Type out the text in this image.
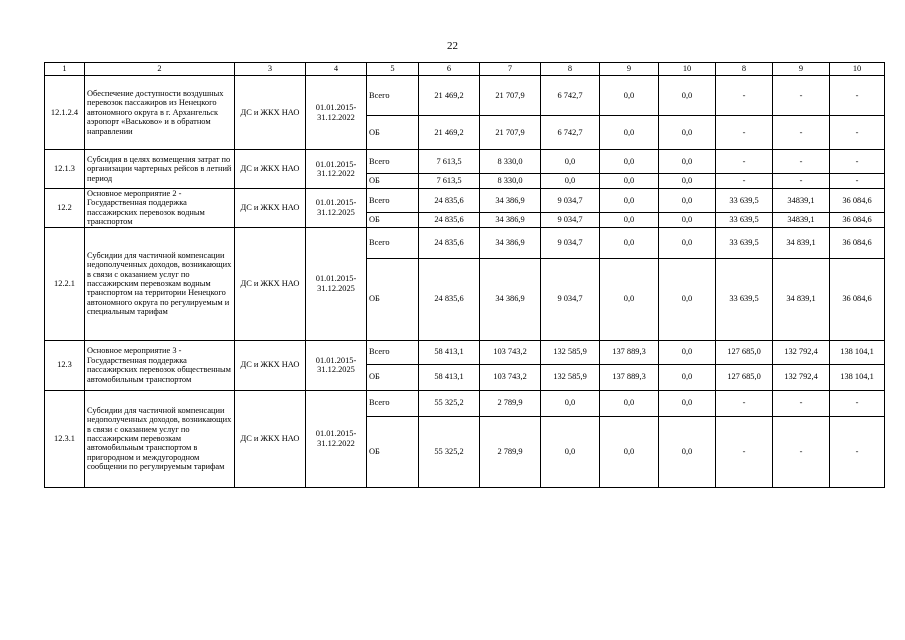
22
1	2	3	4	5	6	7	8	9	10	8	9	10
12.1.2.4	Обеспечение доступности воздушных перевозок пассажиров из Ненецкого автономного округа в г. Архангельск аэропорт «Васьково» и в обратном направлении	ДС и ЖКХ НАО	01.01.2015-31.12.2022	Всего	21 469,2	21 707,9	6 742,7	0,0	0,0	-	-	-
				ОБ	21 469,2	21 707,9	6 742,7	0,0	0,0	-	-	-
12.1.3	Субсидия в целях возмещения затрат по организации чартерных рейсов в летний период	ДС и ЖКХ НАО	01.01.2015-31.12.2022	Всего	7 613,5	8 330,0	0,0	0,0	0,0	-	-	-
				ОБ	7 613,5	8 330,0	0,0	0,0	0,0	-	-	-
12.2	Основное мероприятие 2 - Государственная поддержка пассажирских перевозок водным транспортом	ДС и ЖКХ НАО	01.01.2015-31.12.2025	Всего	24 835,6	34 386,9	9 034,7	0,0	0,0	33 639,5	34839,1	36 084,6
				ОБ	24 835,6	34 386,9	9 034,7	0,0	0,0	33 639,5	34839,1	36 084,6
12.2.1	Субсидии для частичной компенсации недополученных доходов, возникающих в связи с оказанием услуг по пассажирским перевозкам водным транспортом на территории Ненецкого автономного округа по регулируемым и специальным тарифам	ДС и ЖКХ НАО	01.01.2015-31.12.2025	Всего	24 835,6	34 386,9	9 034,7	0,0	0,0	33 639,5	34 839,1	36 084,6
				ОБ	24 835,6	34 386,9	9 034,7	0,0	0,0	33 639,5	34 839,1	36 084,6
12.3	Основное мероприятие 3 - Государственная поддержка пассажирских перевозок общественным автомобильным транспортом	ДС и ЖКХ НАО	01.01.2015-31.12.2025	Всего	58 413,1	103 743,2	132 585,9	137 889,3	0,0	127 685,0	132 792,4	138 104,1
				ОБ	58 413,1	103 743,2	132 585,9	137 889,3	0,0	127 685,0	132 792,4	138 104,1
12.3.1	Субсидии для частичной компенсации недополученных доходов, возникающих в связи с оказанием услуг по пассажирским перевозкам автомобильным транспортом в пригородном и междугородном сообщении по регулируемым тарифам	ДС и ЖКХ НАО	01.01.2015-31.12.2022	Всего	55 325,2	2 789,9	0,0	0,0	0,0	-	-	-
				ОБ	55 325,2	2 789,9	0,0	0,0	0,0	-	-	-
